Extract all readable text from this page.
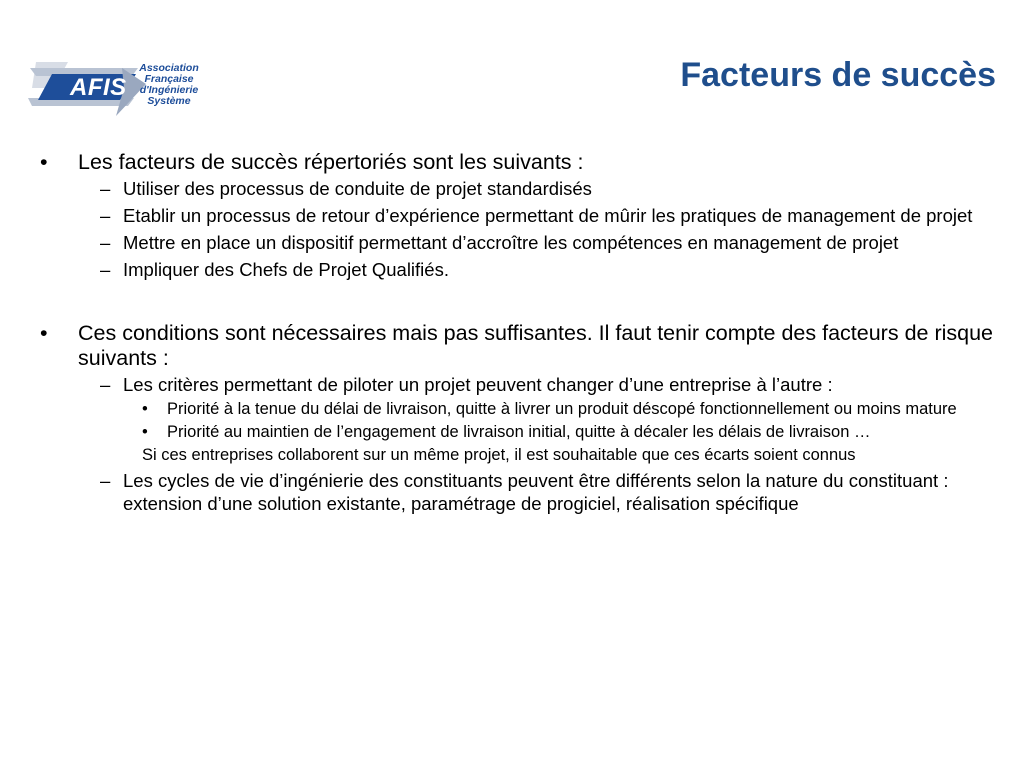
AFIS
Association
Française
d'Ingénierie
Système
Facteurs de succès
• Les facteurs de succès répertoriés sont les suivants :
– Utiliser des processus de conduite de projet standardisés
– Etablir un processus de retour d’expérience permettant de mûrir les pratiques de management de projet
– Mettre en place un dispositif permettant d’accroître les compétences en management de projet
– Impliquer des Chefs de Projet Qualifiés.
• Ces conditions sont nécessaires mais pas suffisantes. Il faut tenir compte des facteurs de risque suivants :
– Les critères permettant de piloter un projet peuvent changer d’une entreprise à l’autre :
• Priorité à la tenue du délai de livraison, quitte à livrer un produit déscopé fonctionnellement ou moins mature
• Priorité au maintien de l’engagement de livraison initial, quitte à décaler les délais de livraison …
Si ces entreprises collaborent sur un même projet, il est souhaitable que ces écarts soient connus
– Les cycles de vie d’ingénierie des constituants peuvent être différents selon la nature du constituant : extension d’une solution existante, paramétrage de progiciel, réalisation spécifique
